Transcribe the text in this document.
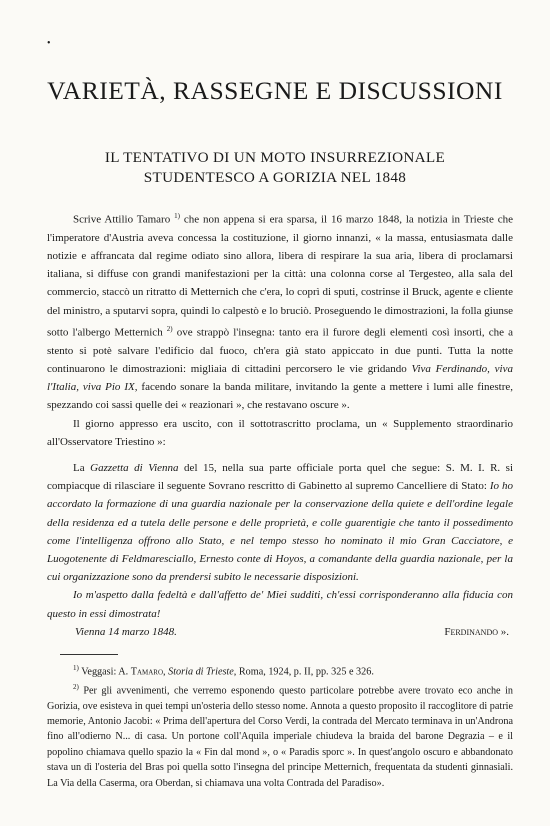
•
VARIETÀ, RASSEGNE E DISCUSSIONI
IL TENTATIVO DI UN MOTO INSURREZIONALE
STUDENTESCO A GORIZIA NEL 1848

Scrive Attilio Tamaro $^{1)}$ che non appena si era sparsa, il 16 marzo 1848, la notizia in Trieste che l'imperatore d'Austria aveva concessa la costituzione, il giorno innanzi, « la massa, entusiasmata dalle notizie e affrancata dal regime odiato sino allora, libera di respirare la sua aria, libera di proclamarsi italiana, si diffuse con grandi manifestazioni per la città: una colonna corse al Tergesteo, alla sala del commercio, staccò un ritratto di Metternich che c'era, lo coprì di sputi, costrinse il Bruck, agente e cliente del ministro, a sputarvi sopra, quindi lo calpestò e lo bruciò. Proseguendo le dimostrazioni, la folla giunse sotto l'albergo Metternich $^{2)}$ ove strappò l'insegna: tanto era il furore degli elementi così insorti, che a stento si potè salvare l'edificio dal fuoco, ch'era già stato appiccato in due punti. Tutta la notte continuarono le dimostrazioni: migliaia di cittadini percorsero le vie gridando Viva Ferdinando, viva l'Italia, viva Pio IX, facendo sonare la banda militare, invitando la gente a mettere i lumi alle finestre, spezzando coi sassi quelle dei « reazionari », che restavano oscure ».

Il giorno appresso era uscito, con il sottotrascritto proclama, un « Supplemento straordinario all'Osservatore Triestino »:

La Gazzetta di Vienna del 15, nella sua parte officiale porta quel che segue: S. M. I. R. si compiacque di rilasciare il seguente Sovrano rescritto di Gabinetto al supremo Cancelliere di Stato: Io ho accordato la formazione di una guardia nazionale per la conservazione della quiete e dell'ordine legale della residenza ed a tutela delle persone e delle proprietà, e colle guarentigie che tanto il possedimento come l'intelligenza offrono allo Stato, e nel tempo stesso ho nominato il mio Gran Cacciatore, e Luogotenente di Feldmaresciallo, Ernesto conte di Hoyos, a comandante della guardia nazionale, per la cui organizzazione sono da prendersi subito le necessarie disposizioni.

Io m'aspetto dalla fedeltà e dall'affetto de' Miei sudditi, ch'essi corrisponderanno alla fiducia con questo in essi dimostrata!

Vienna 14 marzo 1848.	Ferdinando ».

$^{1)}$ Veggasi: A. Tamaro, Storia di Trieste, Roma, 1924, p. II, pp. 325 e 326.

$^{2)}$ Per gli avvenimenti, che verremo esponendo questo particolare potrebbe avere trovato eco anche in Gorizia, ove esisteva in quei tempi un'osteria dello stesso nome. Annota a questo proposito il raccoglitore di patrie memorie, Antonio Jacobi: « Prima dell'apertura del Corso Verdi, la contrada del Mercato terminava in un'Androna fino all'odierno N... di casa. Un portone coll'Aquila imperiale chiudeva la braida del barone Degrazia – e il popolino chiamava quello spazio la « Fin dal mond », o « Paradis sporc ». In quest'angolo oscuro e abbandonato stava un dì l'osteria del Bras poi quella sotto l'insegna del principe Metternich, frequentata da studenti ginnasiali. La Via della Caserma, ora Oberdan, si chiamava una volta Contrada del Paradiso».
